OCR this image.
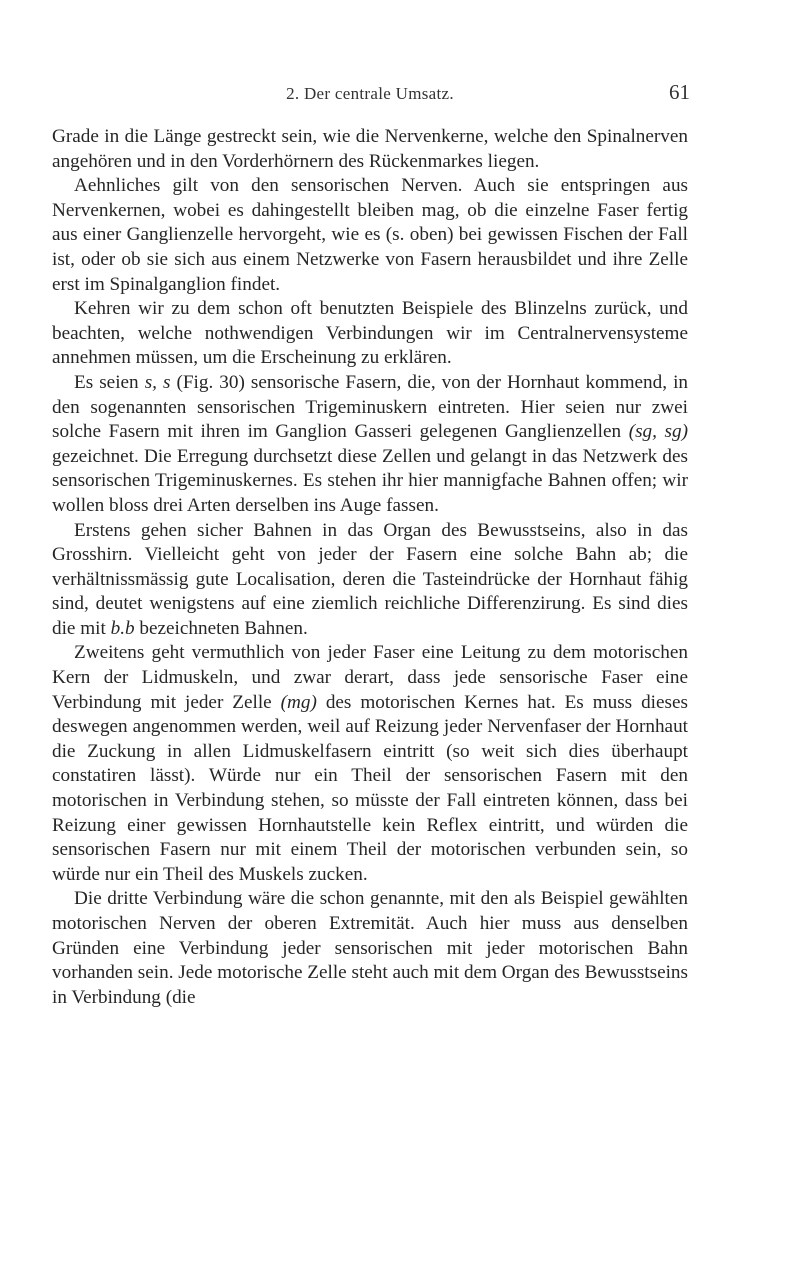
2. Der centrale Umsatz.	61

Grade in die Länge gestreckt sein, wie die Nervenkerne, welche den Spinalnerven angehören und in den Vorderhörnern des Rückenmarkes liegen.

Aehnliches gilt von den sensorischen Nerven. Auch sie entspringen aus Nervenkernen, wobei es dahingestellt bleiben mag, ob die einzelne Faser fertig aus einer Ganglienzelle hervorgeht, wie es (s. oben) bei gewissen Fischen der Fall ist, oder ob sie sich aus einem Netzwerke von Fasern herausbildet und ihre Zelle erst im Spinalganglion findet.

Kehren wir zu dem schon oft benutzten Beispiele des Blinzelns zurück, und beachten, welche nothwendigen Verbindungen wir im Centralnervensysteme annehmen müssen, um die Erscheinung zu erklären.

Es seien s, s (Fig. 30) sensorische Fasern, die, von der Hornhaut kommend, in den sogenannten sensorischen Trigeminuskern eintreten. Hier seien nur zwei solche Fasern mit ihren im Ganglion Gasseri gelegenen Ganglienzellen (sg, sg) gezeichnet. Die Erregung durchsetzt diese Zellen und gelangt in das Netzwerk des sensorischen Trigeminuskernes. Es stehen ihr hier mannigfache Bahnen offen; wir wollen bloss drei Arten derselben ins Auge fassen.

Erstens gehen sicher Bahnen in das Organ des Bewusstseins, also in das Grosshirn. Vielleicht geht von jeder der Fasern eine solche Bahn ab; die verhältnissmässig gute Localisation, deren die Tasteindrücke der Hornhaut fähig sind, deutet wenigstens auf eine ziemlich reichliche Differenzirung. Es sind dies die mit b.b bezeichneten Bahnen.

Zweitens geht vermuthlich von jeder Faser eine Leitung zu dem motorischen Kern der Lidmuskeln, und zwar derart, dass jede sensorische Faser eine Verbindung mit jeder Zelle (mg) des motorischen Kernes hat. Es muss dieses deswegen angenommen werden, weil auf Reizung jeder Nervenfaser der Hornhaut die Zuckung in allen Lidmuskelfasern eintritt (so weit sich dies überhaupt constatiren lässt). Würde nur ein Theil der sensorischen Fasern mit den motorischen in Verbindung stehen, so müsste der Fall eintreten können, dass bei Reizung einer gewissen Hornhautstelle kein Reflex eintritt, und würden die sensorischen Fasern nur mit einem Theil der motorischen verbunden sein, so würde nur ein Theil des Muskels zucken.

Die dritte Verbindung wäre die schon genannte, mit den als Beispiel gewählten motorischen Nerven der oberen Extremität. Auch hier muss aus denselben Gründen eine Verbindung jeder sensorischen mit jeder motorischen Bahn vorhanden sein. Jede motorische Zelle steht auch mit dem Organ des Bewusstseins in Verbindung (die
